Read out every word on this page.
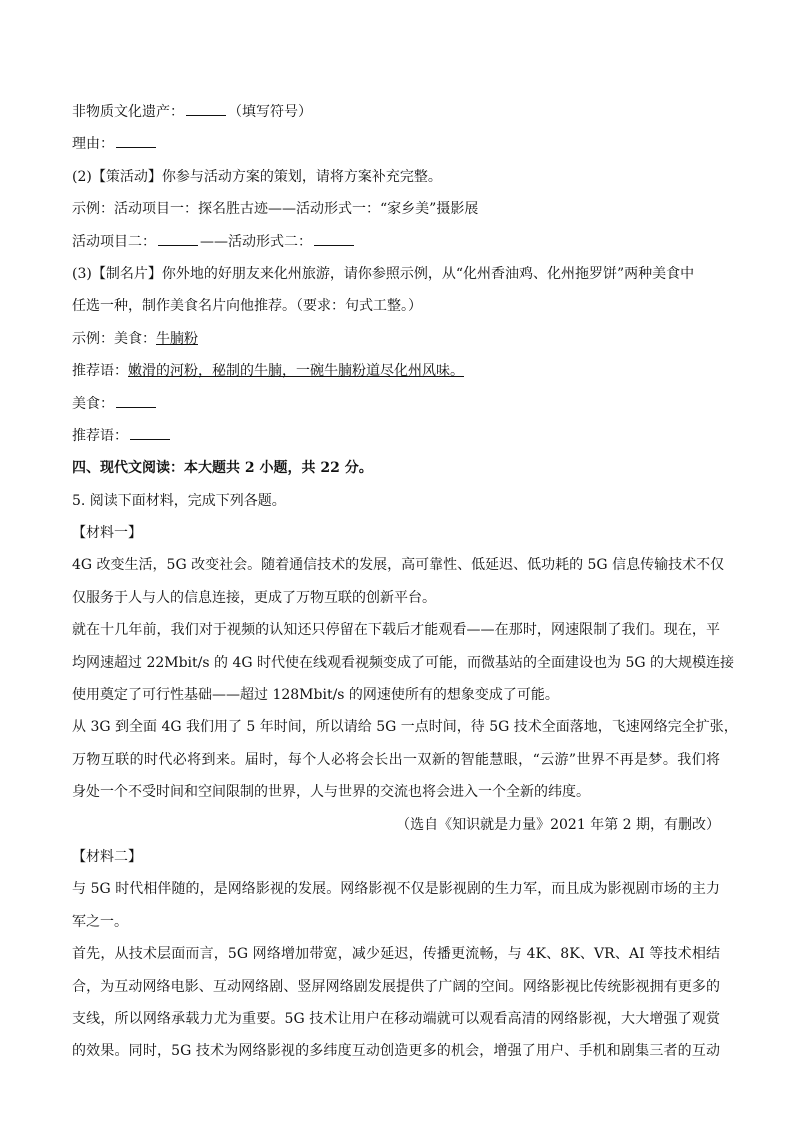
非物质文化遗产：	（填写符号）
理由：
(2)【策活动】你参与活动方案的策划，请将方案补充完整。
示例：活动项目一：探名胜古迹——活动形式一：“家乡美”摄影展
活动项目二：	——活动形式二：
(3)【制名片】你外地的好朋友来化州旅游，请你参照示例，从“化州香油鸡、化州拖罗饼”两种美食中
任选一种，制作美食名片向他推荐。（要求：句式工整。）
示例：美食：牛腩粉
推荐语：嫩滑的河粉，秘制的牛腩，一碗牛腩粉道尽化州风味。
美食：
推荐语：
四、现代文阅读：本大题共 2 小题，共 22 分。
5. 阅读下面材料，完成下列各题。
【材料一】
4G 改变生活，5G 改变社会。随着通信技术的发展，高可靠性、低延迟、低功耗的 5G 信息传输技术不仅
仅服务于人与人的信息连接，更成了万物互联的创新平台。
就在十几年前，我们对于视频的认知还只停留在下载后才能观看——在那时，网速限制了我们。现在，平
均网速超过 22Mbit/s 的 4G 时代使在线观看视频变成了可能，而微基站的全面建设也为 5G 的大规模连接
使用奠定了可行性基础——超过 128Mbit/s 的网速使所有的想象变成了可能。
从 3G 到全面 4G 我们用了 5 年时间，所以请给 5G 一点时间，待 5G 技术全面落地，飞速网络完全扩张，
万物互联的时代必将到来。届时，每个人必将会长出一双新的智能慧眼，“云游”世界不再是梦。我们将
身处一个不受时间和空间限制的世界，人与世界的交流也将会进入一个全新的纬度。
（选自《知识就是力量》2021 年第 2 期，有删改）
【材料二】
与 5G 时代相伴随的，是网络影视的发展。网络影视不仅是影视剧的生力军，而且成为影视剧市场的主力
军之一。
首先，从技术层面而言，5G 网络增加带宽，减少延迟，传播更流畅，与 4K、8K、VR、AI 等技术相结
合，为互动网络电影、互动网络剧、竖屏网络剧发展提供了广阔的空间。网络影视比传统影视拥有更多的
支线，所以网络承载力尤为重要。5G 技术让用户在移动端就可以观看高清的网络影视，大大增强了观赏
的效果。同时，5G 技术为网络影视的多纬度互动创造更多的机会，增强了用户、手机和剧集三者的互动
